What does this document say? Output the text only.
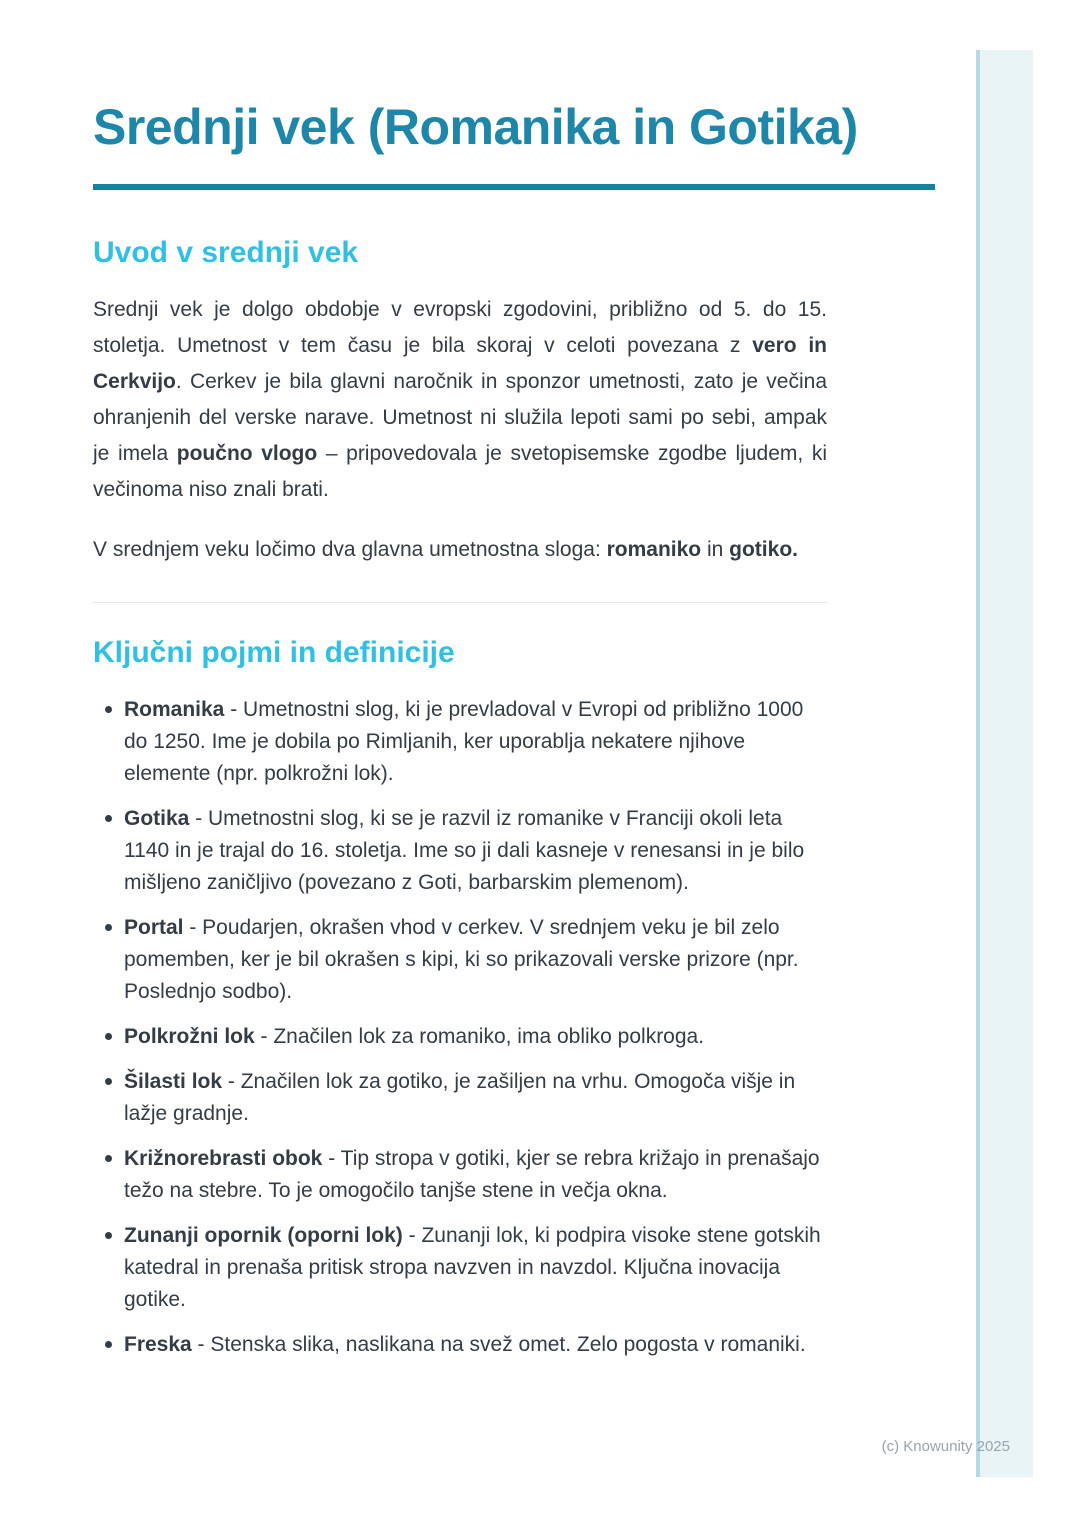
Srednji vek (Romanika in Gotika)
Uvod v srednji vek

Srednji vek je dolgo obdobje v evropski zgodovini, približno od 5. do 15. stoletja. Umetnost v tem času je bila skoraj v celoti povezana z vero in Cerkvijo. Cerkev je bila glavni naročnik in sponzor umetnosti, zato je večina ohranjenih del verske narave. Umetnost ni služila lepoti sami po sebi, ampak je imela poučno vlogo – pripovedovala je svetopisemske zgodbe ljudem, ki večinoma niso znali brati.

V srednjem veku ločimo dva glavna umetnostna sloga: romaniko in gotiko.

Ključni pojmi in definicije
Romanika - Umetnostni slog, ki je prevladoval v Evropi od približno 1000 do 1250. Ime je dobila po Rimljanih, ker uporablja nekatere njihove elemente (npr. polkrožni lok).
Gotika - Umetnostni slog, ki se je razvil iz romanike v Franciji okoli leta 1140 in je trajal do 16. stoletja. Ime so ji dali kasneje v renesansi in je bilo mišljeno zaničljivo (povezano z Goti, barbarskim plemenom).
Portal - Poudarjen, okrašen vhod v cerkev. V srednjem veku je bil zelo pomemben, ker je bil okrašen s kipi, ki so prikazovali verske prizore (npr. Poslednjo sodbo).
Polkrožni lok - Značilen lok za romaniko, ima obliko polkroga.
Šilasti lok - Značilen lok za gotiko, je zašiljen na vrhu. Omogoča višje in lažje gradnje.
Križnorebrasti obok - Tip stropa v gotiki, kjer se rebra križajo in prenašajo težo na stebre. To je omogočilo tanjše stene in večja okna.
Zunanji opornik (oporni lok) - Zunanji lok, ki podpira visoke stene gotskih katedral in prenaša pritisk stropa navzven in navzdol. Ključna inovacija gotike.
Freska - Stenska slika, naslikana na svež omet. Zelo pogosta v romaniki.
(c) Knowunity 2025
